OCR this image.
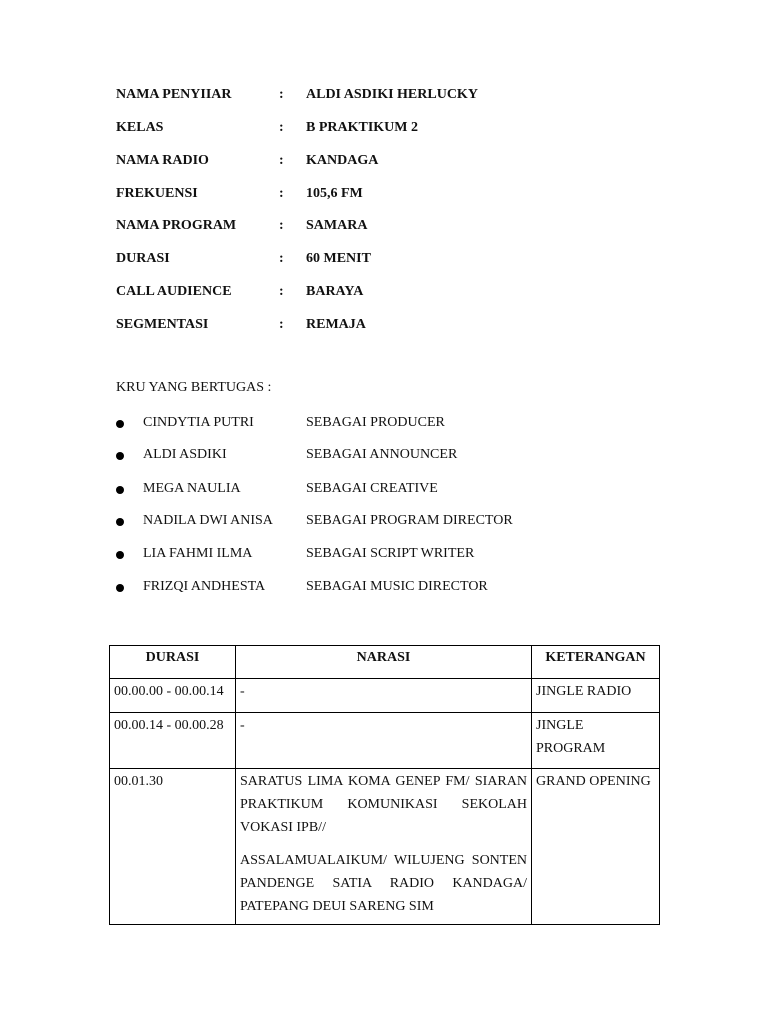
NAMA PENYIIAR	: ALDI ASDIKI HERLUCKY
KELAS	: B PRAKTIKUM 2
NAMA RADIO	: KANDAGA
FREKUENSI	: 105,6 FM
NAMA PROGRAM	: SAMARA
DURASI	: 60 MENIT
CALL AUDIENCE	: BARAYA
SEGMENTASI	: REMAJA
KRU YANG BERTUGAS :
CINDYTIA PUTRI	SEBAGAI PRODUCER
ALDI ASDIKI	SEBAGAI ANNOUNCER
MEGA NAULIA	SEBAGAI CREATIVE
NADILA DWI ANISA SEBAGAI PROGRAM DIRECTOR
LIA FAHMI ILMA	SEBAGAI SCRIPT WRITER
FRIZQI ANDHESTA	SEBAGAI MUSIC DIRECTOR
DURASI	NARASI	KETERANGAN
00.00.00 - 00.00.14	-	JINGLE RADIO
00.00.14 - 00.00.28	-	JINGLE PROGRAM
00.01.30	SARATUS LIMA KOMA GENEP FM/ SIARAN PRAKTIKUM KOMUNIKASI SEKOLAH VOKASI IPB//

ASSALAMUALAIKUM/ WILUJENG SONTEN PANDENGE SATIA RADIO KANDAGA/ PATEPANG DEUI SARENG SIM	GRAND OPENING
